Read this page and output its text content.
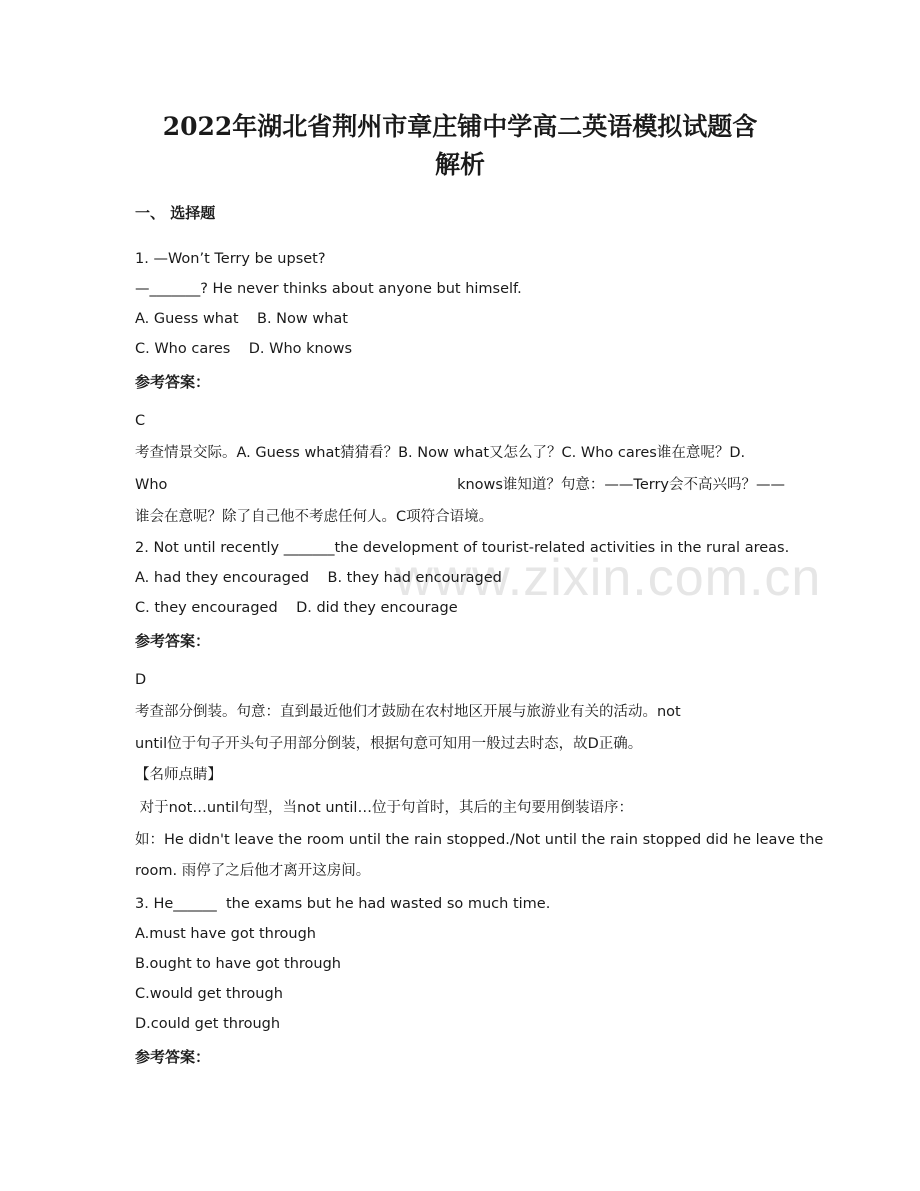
www.zixin.com.cn
2022年湖北省荆州市章庄铺中学高二英语模拟试题含
解析
一、 选择题
1. —Won’t Terry be upset?
—_______? He never thinks about anyone but himself.
A. Guess what    B. Now what
C. Who cares    D. Who knows
参考答案：
C
考查情景交际。A. Guess what猜猜看？B. Now what又怎么了？C. Who cares谁在意呢？D.
Who	knows谁知道？句意：——Terry会不高兴吗？——
谁会在意呢？除了自己他不考虑任何人。C项符合语境。
2. Not until recently _______the development of tourist-related activities in the rural areas.
A. had they encouraged    B. they had encouraged
C. they encouraged    D. did they encourage
参考答案：
D
考查部分倒装。句意：直到最近他们才鼓励在农村地区开展与旅游业有关的活动。not
until位于句子开头句子用部分倒装，根据句意可知用一般过去时态，故D正确。
【名师点睛】
对于not…until句型，当not until…位于句首时，其后的主句要用倒装语序：
如：He didn't leave the room until the rain stopped./Not until the rain stopped did he leave the
room. 雨停了之后他才离开这房间。
3. He______  the exams but he had wasted so much time.
A.must have got through
B.ought to have got through
C.would get through
D.could get through
参考答案：
